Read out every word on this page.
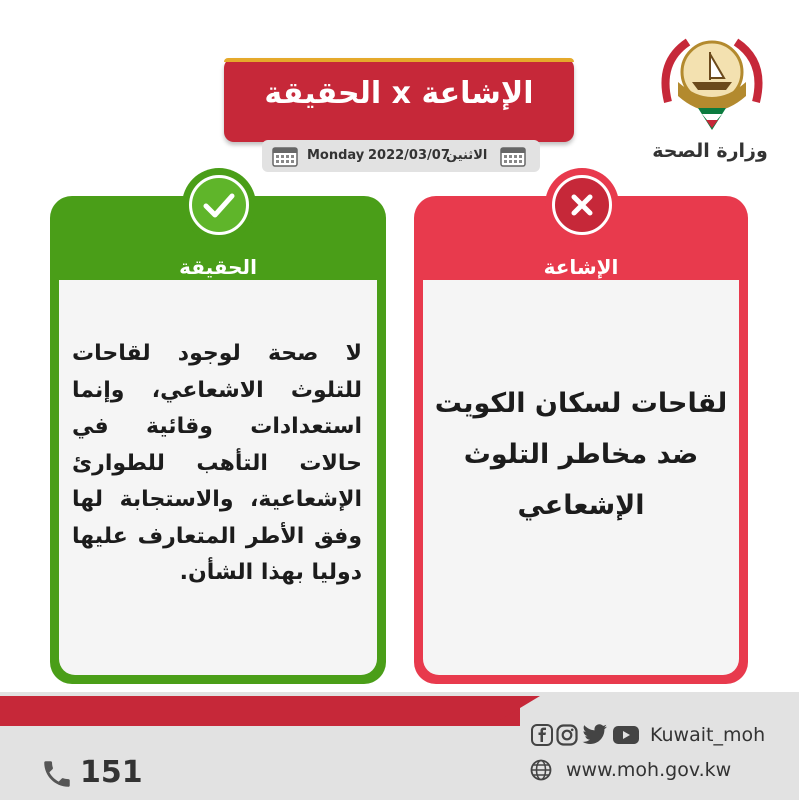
وزارة الصحة
الإشاعة x الحقيقة
Monday 2022/03/07
الاثنين
الحقيقة
لا صحة لوجود لقاحات للتلوث الاشعاعي، وإنما استعدادات وقائية في حالات التأهب للطوارئ الإشعاعية، والاستجابة لها وفق الأطر المتعارف عليها دوليا بهذا الشأن.
الإشاعة
لقاحات لسكان الكويت ضد مخاطر التلوث الإشعاعي
151
Kuwait_moh
www.moh.gov.kw
